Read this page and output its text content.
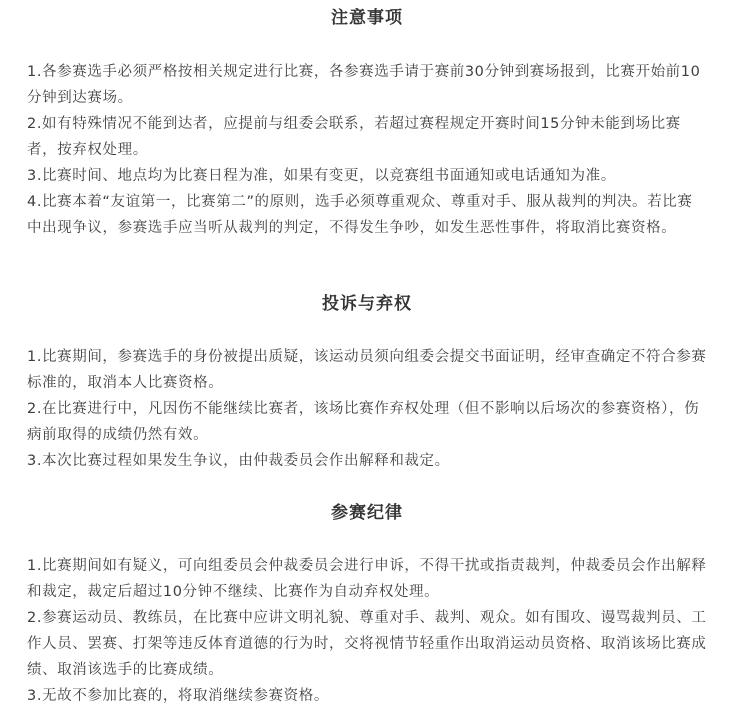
注意事项

1.各参赛选手必须严格按相关规定进行比赛，各参赛选手请于赛前30分钟到赛场报到，比赛开始前10分钟到达赛场。

2.如有特殊情况不能到达者，应提前与组委会联系，若超过赛程规定开赛时间15分钟未能到场比赛者，按弃权处理。

3.比赛时间、地点均为比赛日程为准，如果有变更，以竞赛组书面通知或电话通知为准。

4.比赛本着“友谊第一，比赛第二”的原则，选手必须尊重观众、尊重对手、服从裁判的判决。若比赛中出现争议，参赛选手应当听从裁判的判定，不得发生争吵，如发生恶性事件，将取消比赛资格。

投诉与弃权

1.比赛期间，参赛选手的身份被提出质疑，该运动员须向组委会提交书面证明，经审查确定不符合参赛标准的，取消本人比赛资格。

2.在比赛进行中，凡因伤不能继续比赛者，该场比赛作弃权处理（但不影响以后场次的参赛资格），伤病前取得的成绩仍然有效。

3.本次比赛过程如果发生争议，由仲裁委员会作出解释和裁定。

参赛纪律

1.比赛期间如有疑义，可向组委员会仲裁委员会进行申诉，不得干扰或指责裁判，仲裁委员会作出解释和裁定，裁定后超过10分钟不继续、比赛作为自动弃权处理。

2.参赛运动员、教练员，在比赛中应讲文明礼貌、尊重对手、裁判、观众。如有围攻、谩骂裁判员、工作人员、罢赛、打架等违反体育道德的行为时，交将视情节轻重作出取消运动员资格、取消该场比赛成绩、取消该选手的比赛成绩。

3.无故不参加比赛的，将取消继续参赛资格。
